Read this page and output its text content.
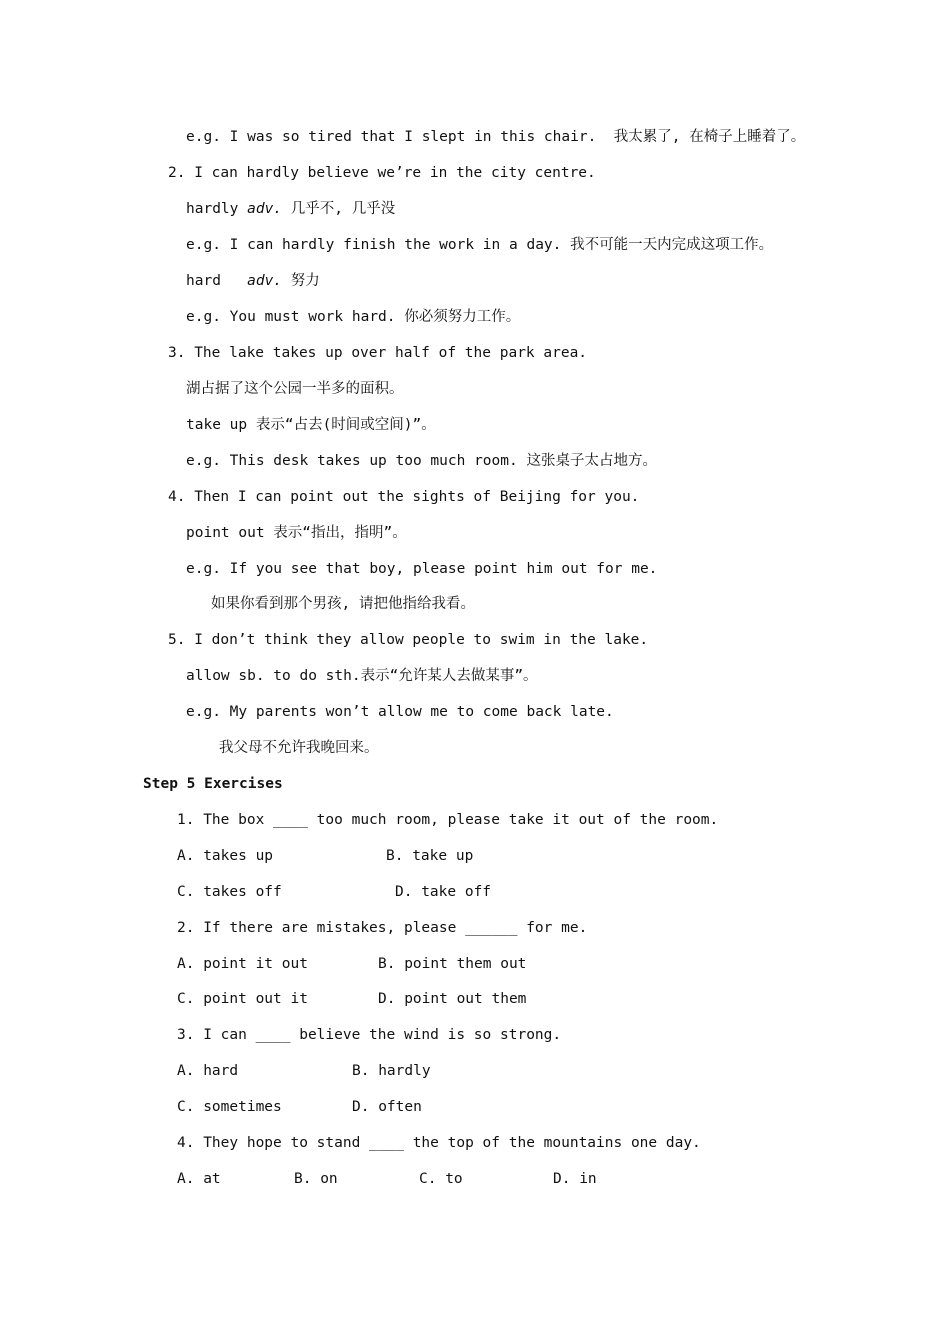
e.g. I was so tired that I slept in this chair.  我太累了, 在椅子上睡着了。
2. I can hardly believe we’re in the city centre.
hardly adv. 几乎不, 几乎没
e.g. I can hardly finish the work in a day. 我不可能一天内完成这项工作。
hard   adv. 努力
e.g. You must work hard. 你必须努力工作。
3. The lake takes up over half of the park area.
湖占据了这个公园一半多的面积。
take up 表示“占去(时间或空间)”。
e.g. This desk takes up too much room. 这张桌子太占地方。
4. Then I can point out the sights of Beijing for you.
point out 表示“指出，指明”。
e.g. If you see that boy, please point him out for me.
如果你看到那个男孩, 请把他指给我看。
5. I don’t think they allow people to swim in the lake.
allow sb. to do sth.表示“允许某人去做某事”。
e.g. My parents won’t allow me to come back late.
我父母不允许我晚回来。
Step 5 Exercises
1. The box ____ too much room, please take it out of the room.
A. takes up	B. take up
C. takes off	D. take off
2. If there are mistakes, please ______ for me.
A. point it out	B. point them out
C. point out it	D. point out them
3. I can ____ believe the wind is so strong.
A. hard	B. hardly
C. sometimes	D. often
4. They hope to stand ____ the top of the mountains one day.
A. at	B. on	C. to	D. in
